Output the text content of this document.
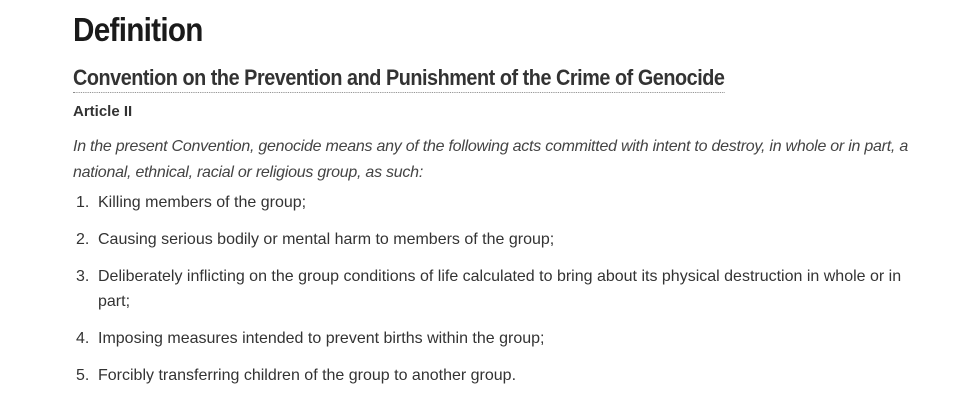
Definition
Convention on the Prevention and Punishment of the Crime of Genocide
Article II
In the present Convention, genocide means any of the following acts committed with intent to destroy, in whole or in part, a national, ethnical, racial or religious group, as such:
1. Killing members of the group;
2. Causing serious bodily or mental harm to members of the group;
3. Deliberately inflicting on the group conditions of life calculated to bring about its physical destruction in whole or in part;
4. Imposing measures intended to prevent births within the group;
5. Forcibly transferring children of the group to another group.
